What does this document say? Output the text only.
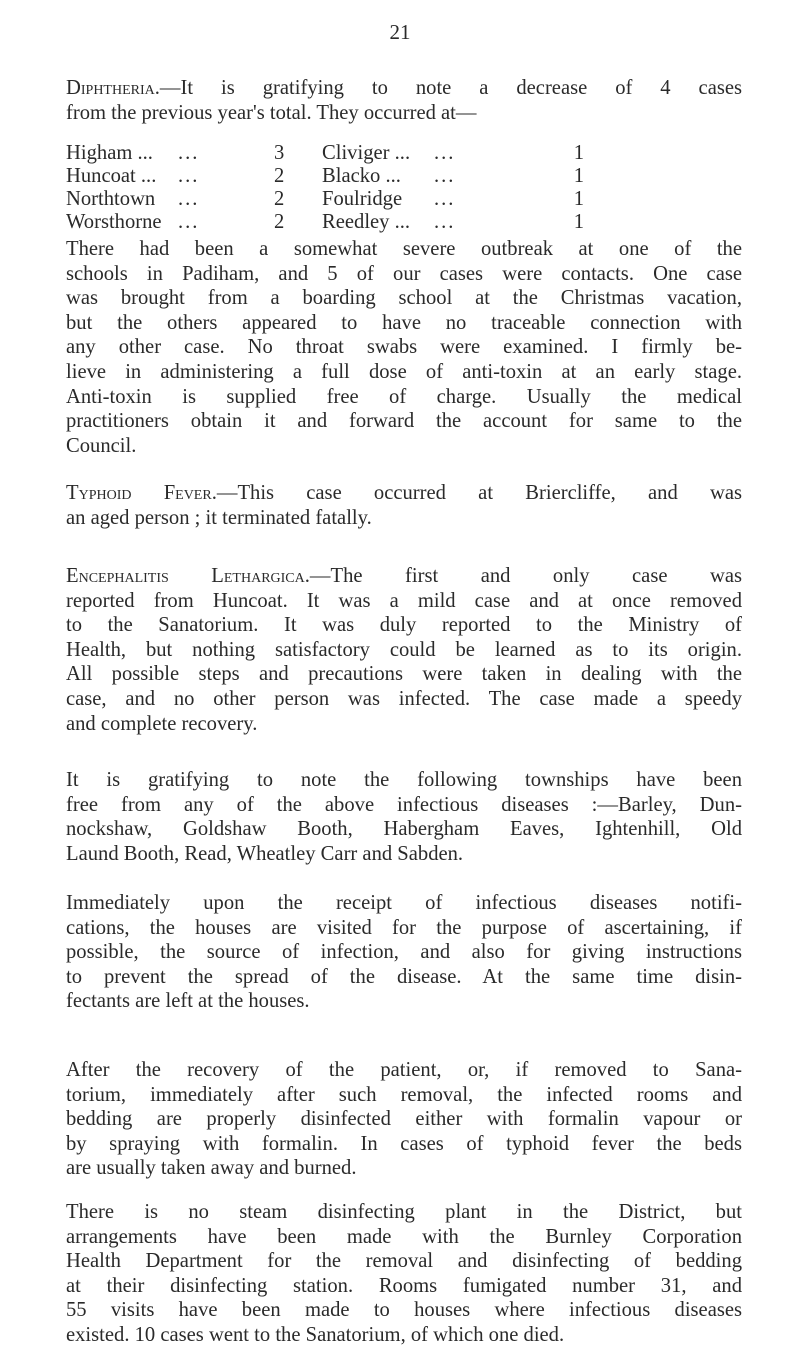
21
Diphtheria.—It is gratifying to note a decrease of 4 cases
from the previous year's total. They occurred at—
Higham ...	...	3	Cliviger ...	...	1
Huncoat ...	...	2	Blacko ...	...	1
Northtown	...	2	Foulridge	...	1
Worsthorne	...	2	Reedley ...	...	1
There had been a somewhat severe outbreak at one of the
schools in Padiham, and 5 of our cases were contacts. One case
was brought from a boarding school at the Christmas vacation,
but the others appeared to have no traceable connection with
any other case. No throat swabs were examined. I firmly be-
lieve in administering a full dose of anti-toxin at an early stage.
Anti-toxin is supplied free of charge. Usually the medical
practitioners obtain it and forward the account for same to the
Council.
Typhoid Fever.—This case occurred at Briercliffe, and was
an aged person ; it terminated fatally.
Encephalitis Lethargica.—The first and only case was
reported from Huncoat. It was a mild case and at once removed
to the Sanatorium. It was duly reported to the Ministry of
Health, but nothing satisfactory could be learned as to its origin.
All possible steps and precautions were taken in dealing with the
case, and no other person was infected. The case made a speedy
and complete recovery.
It is gratifying to note the following townships have been
free from any of the above infectious diseases :—Barley, Dun-
nockshaw, Goldshaw Booth, Habergham Eaves, Ightenhill, Old
Laund Booth, Read, Wheatley Carr and Sabden.
Immediately upon the receipt of infectious diseases notifi-
cations, the houses are visited for the purpose of ascertaining, if
possible, the source of infection, and also for giving instructions
to prevent the spread of the disease. At the same time disin-
fectants are left at the houses.
After the recovery of the patient, or, if removed to Sana-
torium, immediately after such removal, the infected rooms and
bedding are properly disinfected either with formalin vapour or
by spraying with formalin. In cases of typhoid fever the beds
are usually taken away and burned.
There is no steam disinfecting plant in the District, but
arrangements have been made with the Burnley Corporation
Health Department for the removal and disinfecting of bedding
at their disinfecting station. Rooms fumigated number 31, and
55 visits have been made to houses where infectious diseases
existed. 10 cases went to the Sanatorium, of which one died.
